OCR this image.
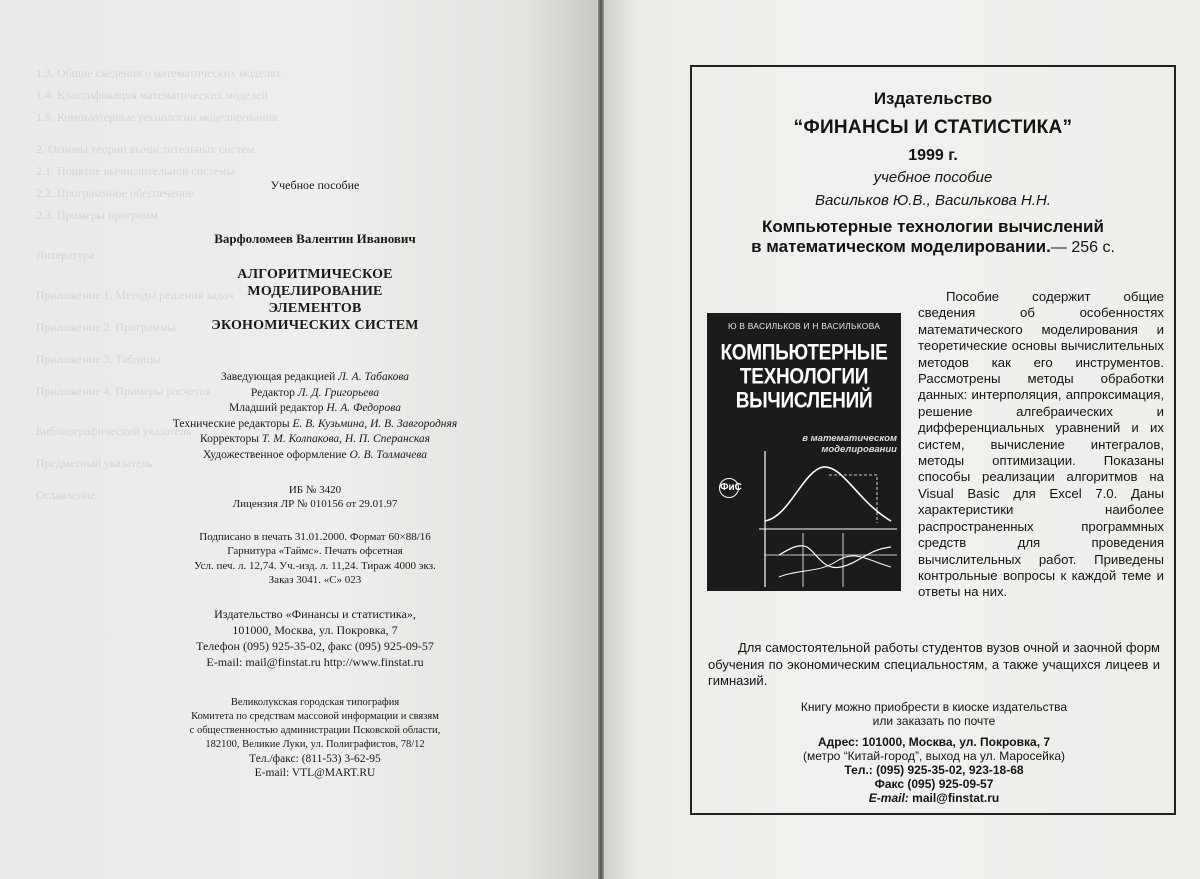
1.3. Общие сведения о математических моделях
1.4. Классификация математических моделей
1.5. Компьютерные технологии моделирования
2. Основы теории вычислительных систем
2.1. Понятие вычислительной системы
2.2. Программное обеспечение
2.3. Примеры программ
Литература
Приложение 1. Методы решения задач
Приложение 2. Программы
Приложение 3. Таблицы
Приложение 4. Примеры расчетов
Библиографический указатель
Предметный указатель
Оглавление
Учебное пособие
Варфоломеев Валентин Иванович
АЛГОРИТМИЧЕСКОЕ
МОДЕЛИРОВАНИЕ
ЭЛЕМЕНТОВ
ЭКОНОМИЧЕСКИХ СИСТЕМ
Заведующая редакцией Л. А. Табакова
Редактор Л. Д. Григорьева
Младший редактор Н. А. Федорова
Технические редакторы Е. В. Кузьмина, И. В. Завгородняя
Корректоры Т. М. Колпакова, Н. П. Сперанская
Художественное оформление О. В. Толмачева
ИБ № 3420
Лицензия ЛР № 010156 от 29.01.97
Подписано в печать 31.01.2000. Формат 60×88/16
Гарнитура «Таймс». Печать офсетная
Усл. печ. л. 12,74. Уч.-изд. л. 11,24. Тираж 4000 экз.
Заказ 3041. «С» 023
Издательство «Финансы и статистика»,
101000, Москва, ул. Покровка, 7
Телефон (095) 925-35-02, факс (095) 925-09-57
E-mail: mail@finstat.ru http://www.finstat.ru
Великолукская городская типография
Комитета по средствам массовой информации и связям
с общественностью администрации Псковской области,
182100, Великие Луки, ул. Полиграфистов, 78/12
Тел./факс: (811-53) 3-62-95
E-mail: VTL@MART.RU
Издательство
“ФИНАНСЫ И СТАТИСТИКА”
1999 г.
учебное пособие
Васильков Ю.В., Василькова Н.Н.
Компьютерные технологии вычислений
в математическом моделировании.— 256 с.
Ю В ВАСИЛЬКОВ И Н ВАСИЛЬКОВА
КОМПЬЮТЕРНЫЕ
ТЕХНОЛОГИИ
ВЫЧИСЛЕНИЙ
в математическом
моделировании
ФиС
Пособие содержит общие сведения об особенностях математического моделирования и теоретические основы вычислительных методов как его инструментов. Рассмотрены методы обработки данных: интерполяция, аппроксимация, решение алгебраических и дифференциальных уравнений и их систем, вычисление интегралов, методы оптимизации. Показаны способы реализации алгоритмов на Visual Basic для Excel 7.0. Даны характеристики наиболее распространенных программных средств для проведения вычислительных работ. Приведены контрольные вопросы к каждой теме и ответы на них.
Для самостоятельной работы студентов вузов очной и заочной форм обучения по экономическим специальностям, а также учащихся лицеев и гимназий.
Книгу можно приобрести в киоске издательства
или заказать по почте
Адрес: 101000, Москва, ул. Покровка, 7
(метро “Китай-город”, выход на ул. Маросейка)
Тел.: (095) 925-35-02, 923-18-68
Факс (095) 925-09-57
E-mail: mail@finstat.ru
